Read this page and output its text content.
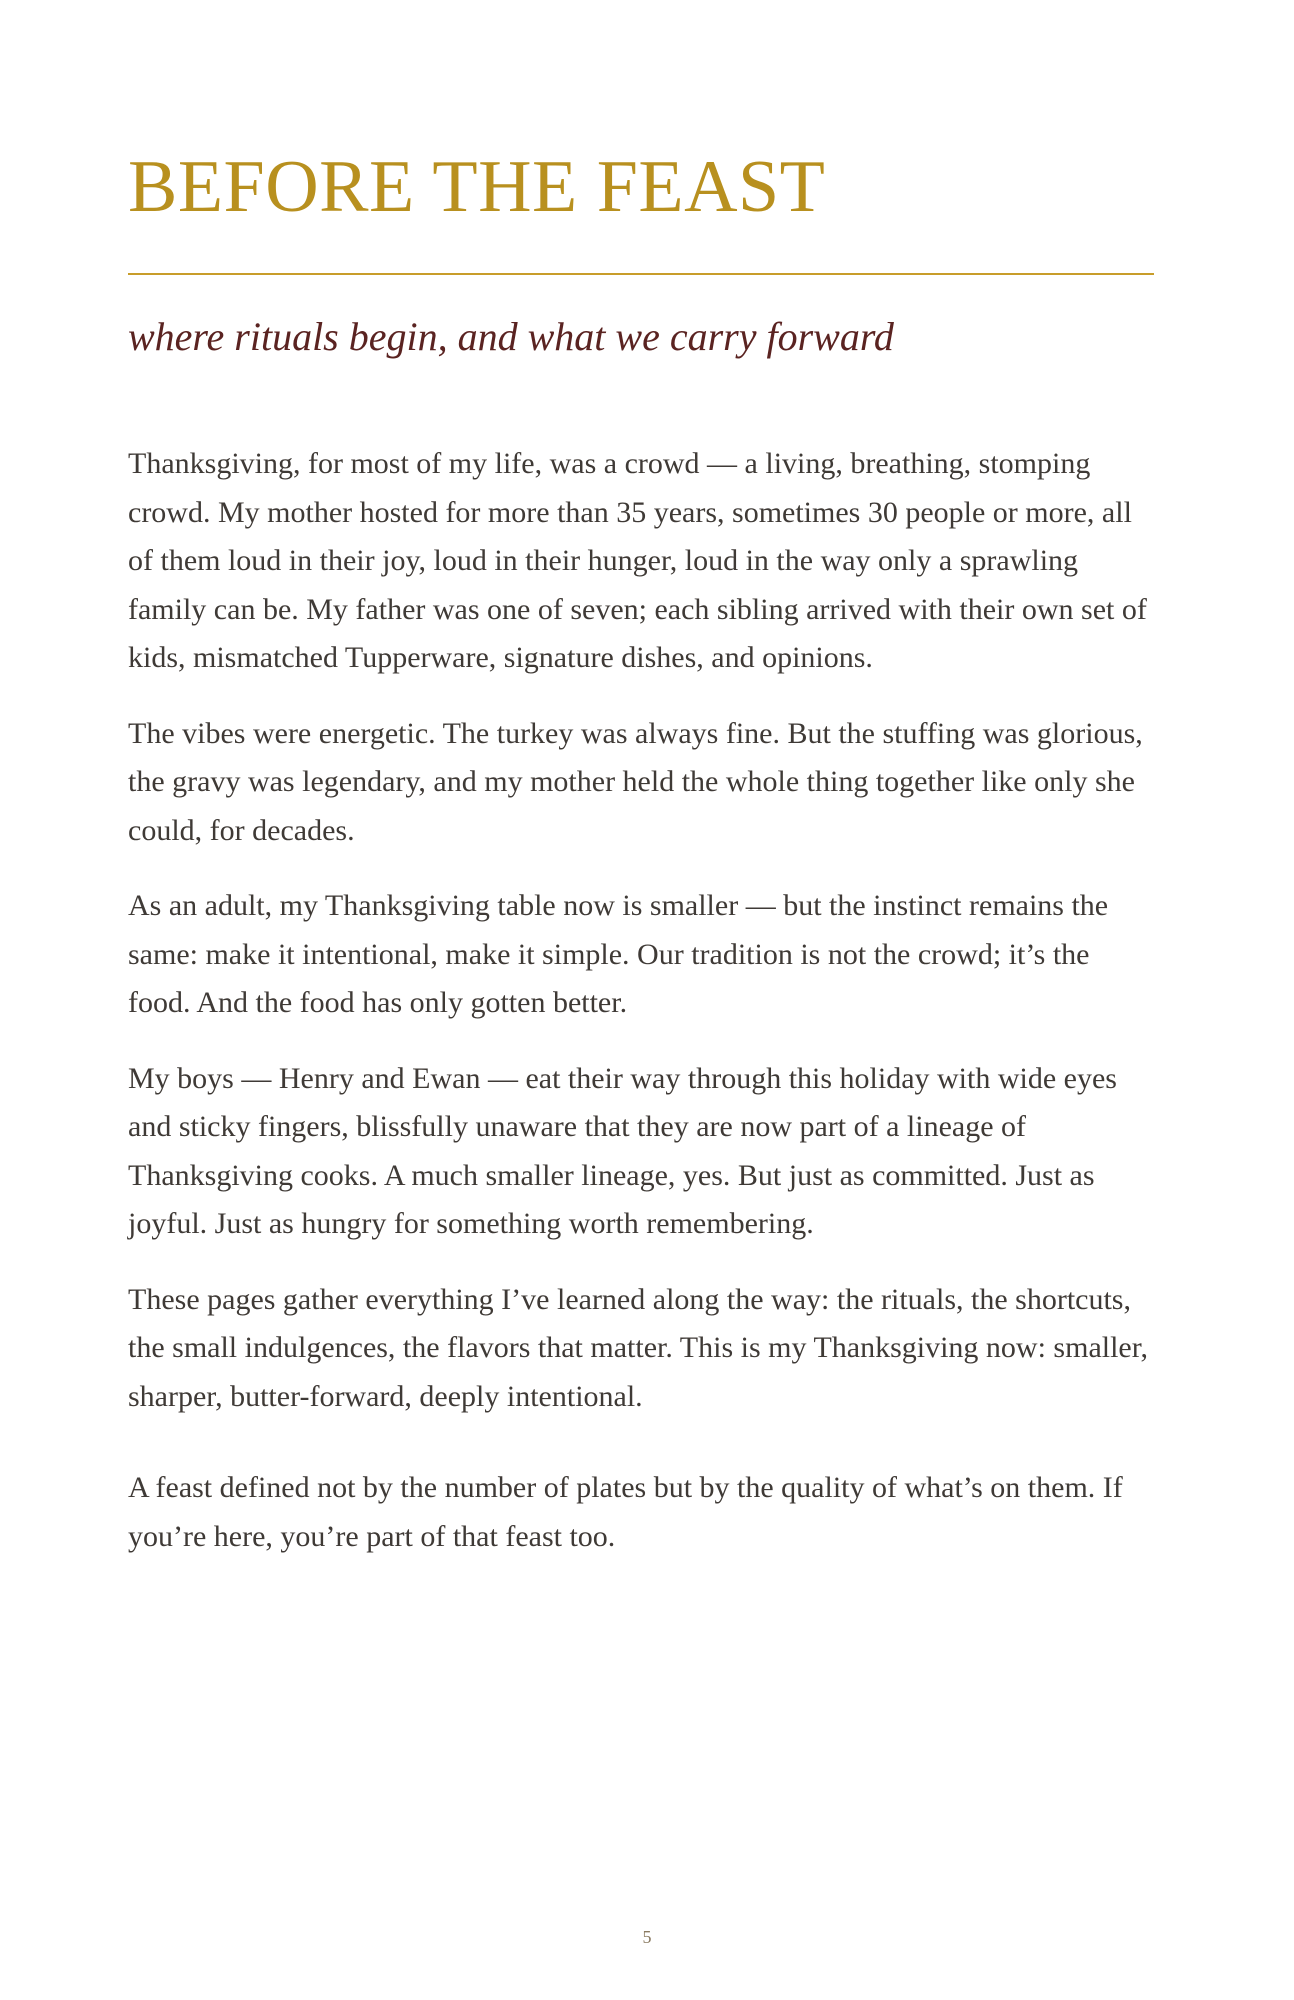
BEFORE THE FEAST
where rituals begin, and what we carry forward

Thanksgiving, for most of my life, was a crowd — a living, breathing, stomping crowd. My mother hosted for more than 35 years, sometimes 30 people or more, all of them loud in their joy, loud in their hunger, loud in the way only a sprawling family can be. My father was one of seven; each sibling arrived with their own set of kids, mismatched Tupperware, signature dishes, and opinions.

The vibes were energetic. The turkey was always fine. But the stuffing was glorious, the gravy was legendary, and my mother held the whole thing together like only she could, for decades.

As an adult, my Thanksgiving table now is smaller — but the instinct remains the same: make it intentional, make it simple. Our tradition is not the crowd; it’s the food. And the food has only gotten better.

My boys — Henry and Ewan — eat their way through this holiday with wide eyes and sticky fingers, blissfully unaware that they are now part of a lineage of Thanksgiving cooks. A much smaller lineage, yes. But just as committed. Just as joyful. Just as hungry for something worth remembering.

These pages gather everything I’ve learned along the way: the rituals, the shortcuts, the small indulgences, the flavors that matter. This is my Thanksgiving now: smaller, sharper, butter-forward, deeply intentional.

A feast defined not by the number of plates but by the quality of what’s on them. If you’re here, you’re part of that feast too.

5
